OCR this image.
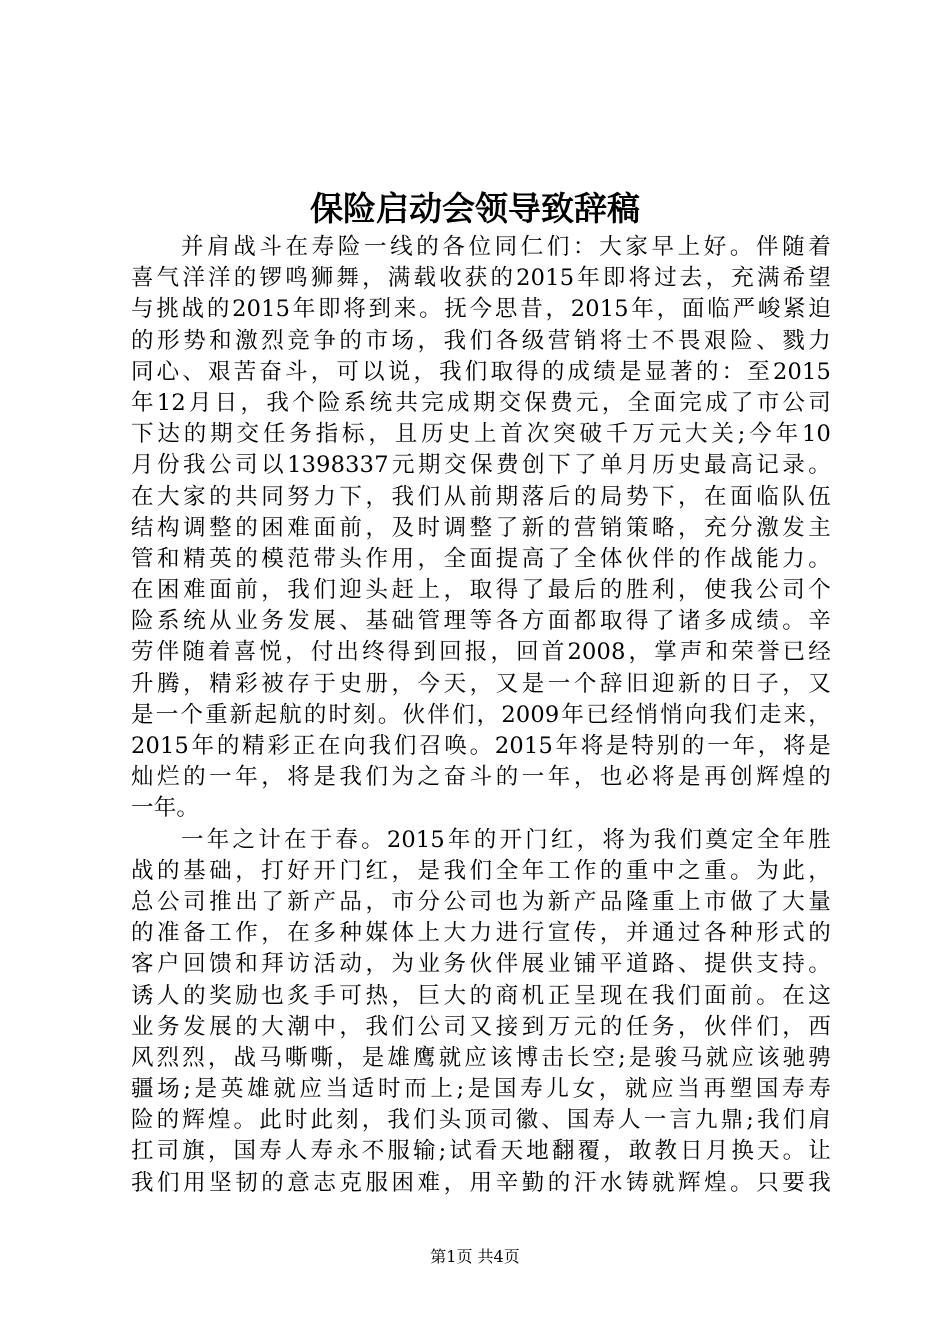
保险启动会领导致辞稿
并肩战斗在寿险一线的各位同仁们：大家早上好。伴随着
喜气洋洋的锣鸣狮舞，满载收获的2015年即将过去，充满希望
与挑战的2015年即将到来。抚今思昔，2015年，面临严峻紧迫
的形势和激烈竞争的市场，我们各级营销将士不畏艰险、戮力
同心、艰苦奋斗，可以说，我们取得的成绩是显著的：至2015
年12月日，我个险系统共完成期交保费元，全面完成了市公司
下达的期交任务指标，且历史上首次突破千万元大关;今年10
月份我公司以1398337元期交保费创下了单月历史最高记录。
在大家的共同努力下，我们从前期落后的局势下，在面临队伍
结构调整的困难面前，及时调整了新的营销策略，充分激发主
管和精英的模范带头作用，全面提高了全体伙伴的作战能力。
在困难面前，我们迎头赶上，取得了最后的胜利，使我公司个
险系统从业务发展、基础管理等各方面都取得了诸多成绩。辛
劳伴随着喜悦，付出终得到回报，回首2008，掌声和荣誉已经
升腾，精彩被存于史册，今天，又是一个辞旧迎新的日子，又
是一个重新起航的时刻。伙伴们，2009年已经悄悄向我们走来，
2015年的精彩正在向我们召唤。2015年将是特别的一年，将是
灿烂的一年，将是我们为之奋斗的一年，也必将是再创辉煌的
一年。
一年之计在于春。2015年的开门红，将为我们奠定全年胜
战的基础，打好开门红，是我们全年工作的重中之重。为此，
总公司推出了新产品，市分公司也为新产品隆重上市做了大量
的准备工作，在多种媒体上大力进行宣传，并通过各种形式的
客户回馈和拜访活动，为业务伙伴展业铺平道路、提供支持。
诱人的奖励也炙手可热，巨大的商机正呈现在我们面前。在这
业务发展的大潮中，我们公司又接到万元的任务，伙伴们，西
风烈烈，战马嘶嘶，是雄鹰就应该博击长空;是骏马就应该驰骋
疆场;是英雄就应当适时而上;是国寿儿女，就应当再塑国寿寿
险的辉煌。此时此刻，我们头顶司徽、国寿人一言九鼎;我们肩
扛司旗，国寿人寿永不服输;试看天地翻覆，敢教日月换天。让
我们用坚韧的意志克服困难，用辛勤的汗水铸就辉煌。只要我
第1页 共4页
